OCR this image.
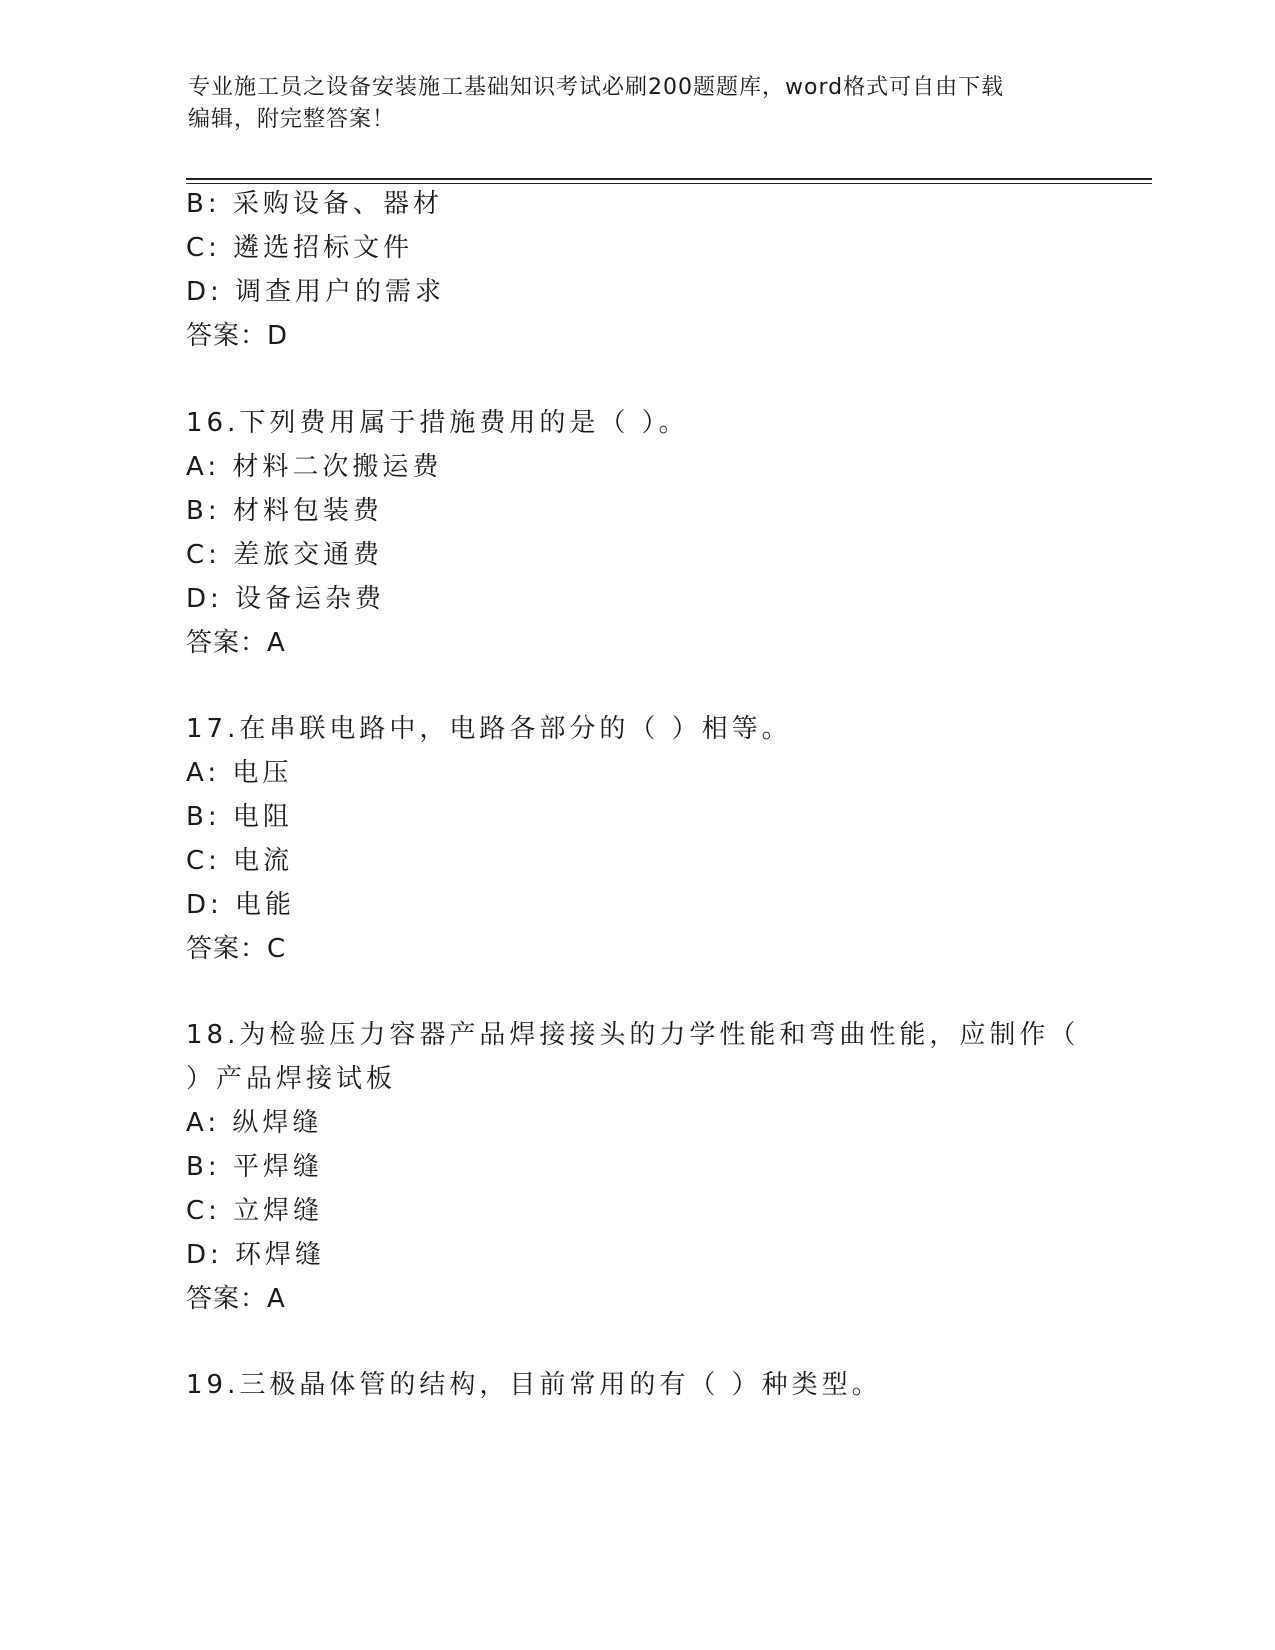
专业施工员之设备安装施工基础知识考试必刷200题题库，word格式可自由下载
编辑，附完整答案！
B: 采购设备、器材
C: 遴选招标文件
D: 调查用户的需求
答案：D
16.下列费用属于措施费用的是（ ）。
A: 材料二次搬运费
B: 材料包装费
C: 差旅交通费
D: 设备运杂费
答案：A
17.在串联电路中，电路各部分的（ ）相等。
A: 电压
B: 电阻
C: 电流
D: 电能
答案：C
18.为检验压力容器产品焊接接头的力学性能和弯曲性能，应制作（
）产品焊接试板
A: 纵焊缝
B: 平焊缝
C: 立焊缝
D: 环焊缝
答案：A
19.三极晶体管的结构，目前常用的有（ ）种类型。
